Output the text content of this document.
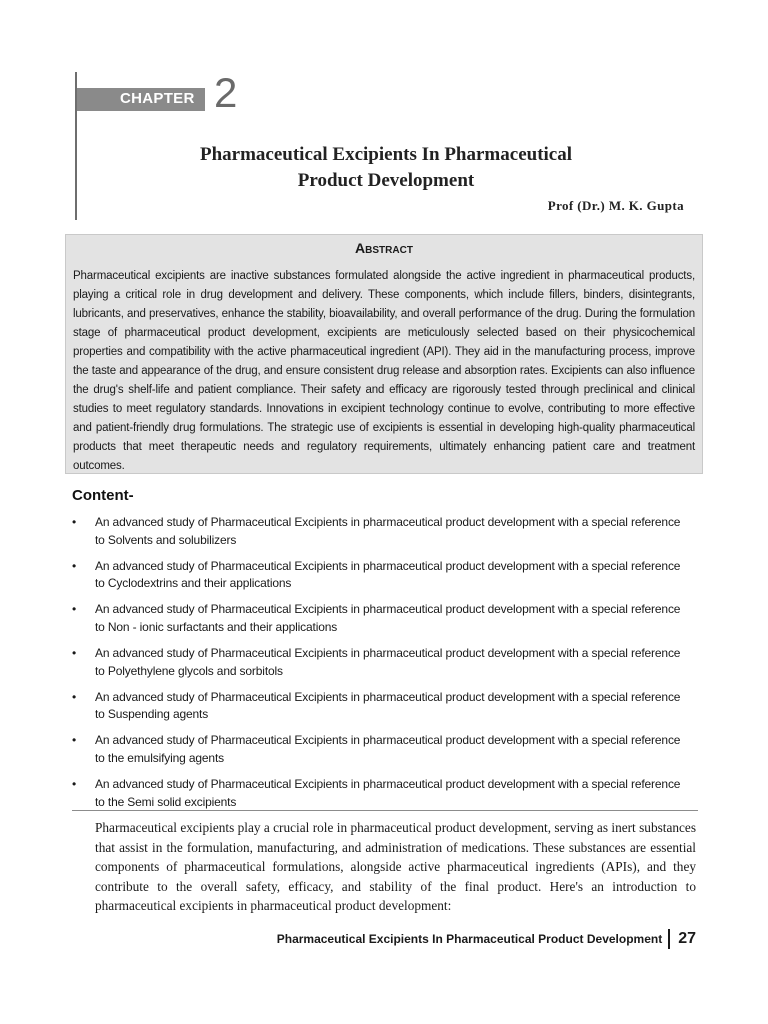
CHAPTER 2
Pharmaceutical Excipients In Pharmaceutical
Product Development
Prof (Dr.) M. K. Gupta
Abstract
Pharmaceutical excipients are inactive substances formulated alongside the active ingredient in pharmaceutical products, playing a critical role in drug development and delivery. These components, which include fillers, binders, disintegrants, lubricants, and preservatives, enhance the stability, bioavailability, and overall performance of the drug. During the formulation stage of pharmaceutical product development, excipients are meticulously selected based on their physicochemical properties and compatibility with the active pharmaceutical ingredient (API). They aid in the manufacturing process, improve the taste and appearance of the drug, and ensure consistent drug release and absorption rates. Excipients can also influence the drug's shelf-life and patient compliance. Their safety and efficacy are rigorously tested through preclinical and clinical studies to meet regulatory standards. Innovations in excipient technology continue to evolve, contributing to more effective and patient-friendly drug formulations. The strategic use of excipients is essential in developing high-quality pharmaceutical products that meet therapeutic needs and regulatory requirements, ultimately enhancing patient care and treatment outcomes.
Content-
• An advanced study of Pharmaceutical Excipients in pharmaceutical product development with a special reference to Solvents and solubilizers
• An advanced study of Pharmaceutical Excipients in pharmaceutical product development with a special reference to Cyclodextrins and their applications
• An advanced study of Pharmaceutical Excipients in pharmaceutical product development with a special reference to Non - ionic surfactants and their applications
• An advanced study of Pharmaceutical Excipients in pharmaceutical product development with a special reference to Polyethylene glycols and sorbitols
• An advanced study of Pharmaceutical Excipients in pharmaceutical product development with a special reference to Suspending agents
• An advanced study of Pharmaceutical Excipients in pharmaceutical product development with a special reference to the emulsifying agents
• An advanced study of Pharmaceutical Excipients in pharmaceutical product development with a special reference to the Semi solid excipients
Pharmaceutical excipients play a crucial role in pharmaceutical product development, serving as inert substances that assist in the formulation, manufacturing, and administration of medications. These substances are essential components of pharmaceutical formulations, alongside active pharmaceutical ingredients (APIs), and they contribute to the overall safety, efficacy, and stability of the final product. Here's an introduction to pharmaceutical excipients in pharmaceutical product development:
Pharmaceutical Excipients In Pharmaceutical Product Development 27
